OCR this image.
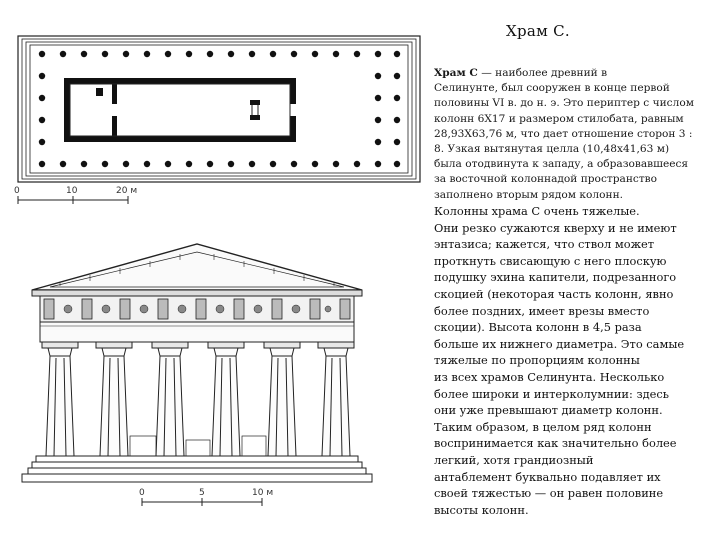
0	10	20 м
0	5	10 м
Храм С.
Храм С — наиболее древний в
Селинунте, был сооружен в конце первой
половины VI в. до н. э. Это периптер с числом
колонн 6X17 и размером стилобата, равным
28,93X63,76 м, что дает отношение сторон 3 :
8. Узкая вытянутая целла (10,48x41,63 м)
была отодвинута к западу, а образовавшееся
за восточной колоннадой пространство
заполнено вторым рядом колонн.
Колонны храма С очень тяжелые.
Они резко сужаются кверху и не имеют
энтазиса; кажется, что ствол может
проткнуть свисающую с него плоскую
подушку эхина капители, подрезанного
скоцией (некоторая часть колонн, явно
более поздних, имеет врезы вместо
скоции). Высота колонн в 4,5 раза
больше их нижнего диаметра. Это самые
тяжелые по пропорциям колонны
из всех храмов Селинунта. Несколько
более широки и интерколумнии: здесь
они уже превышают диаметр колонн.
Таким образом, в целом ряд колонн
воспринимается как значительно более
легкий, хотя грандиозный
антаблемент буквально подавляет их
своей тяжестью — он равен половине
высоты колонн.
